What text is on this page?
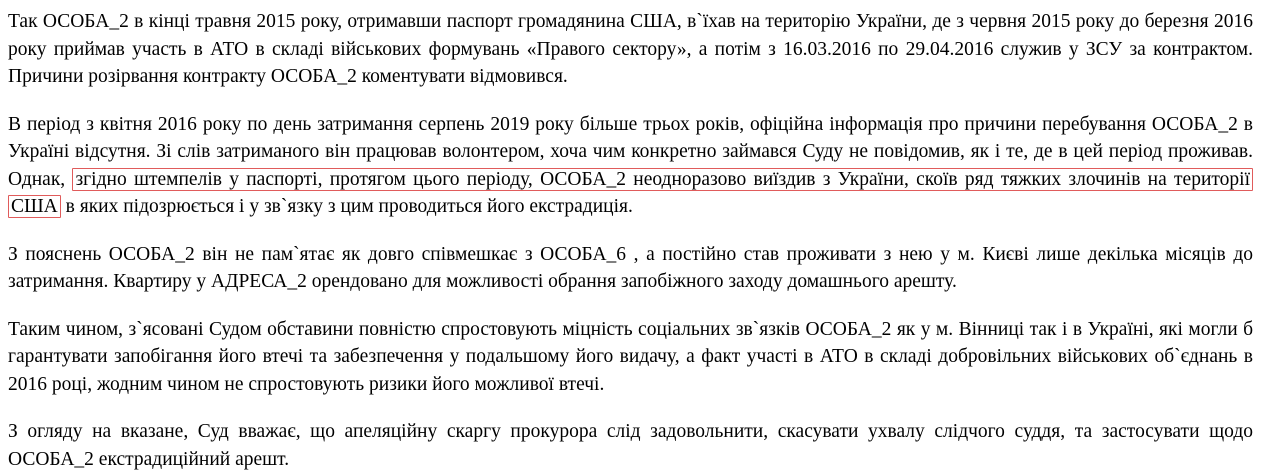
Так ОСОБА_2 в кінці травня 2015 року, отримавши паспорт громадянина США, в`їхав на територію України, де з червня 2015 року до березня 2016 року приймав участь в АТО в складі військових формувань «Правого сектору», а потім з 16.03.2016 по 29.04.2016 служив у ЗСУ за контрактом. Причини розірвання контракту ОСОБА_2 коментувати відмовився.

В період з квітня 2016 року по день затримання серпень 2019 року більше трьох років, офіційна інформація про причини перебування ОСОБА_2 в Україні відсутня. Зі слів затриманого він працював волонтером, хоча чим конкретно займався Суду не повідомив, як і те, де в цей період проживав. Однак, згідно штемпелів у паспорті, протягом цього періоду, ОСОБА_2 неодноразово виїздив з України, скоїв ряд тяжких злочинів на території США в яких підозрюється і у зв`язку з цим проводиться його екстрадиція.

З пояснень ОСОБА_2 він не пам`ятає як довго співмешкає з ОСОБА_6 , а постійно став проживати з нею у м. Києві лише декілька місяців до затримання. Квартиру у АДРЕСА_2 орендовано для можливості обрання запобіжного заходу домашнього арешту.

Таким чином, з`ясовані Судом обставини повністю спростовують міцність соціальних зв`язків ОСОБА_2 як у м. Вінниці так і в Україні, які могли б гарантувати запобігання його втечі та забезпечення у подальшому його видачу, а факт участі в АТО в складі добровільних військових об`єднань в 2016 році, жодним чином не спростовують ризики його можливої втечі.

З огляду на вказане, Суд вважає, що апеляційну скаргу прокурора слід задовольнити, скасувати ухвалу слідчого суддя, та застосувати щодо ОСОБА_2 екстрадиційний арешт.
